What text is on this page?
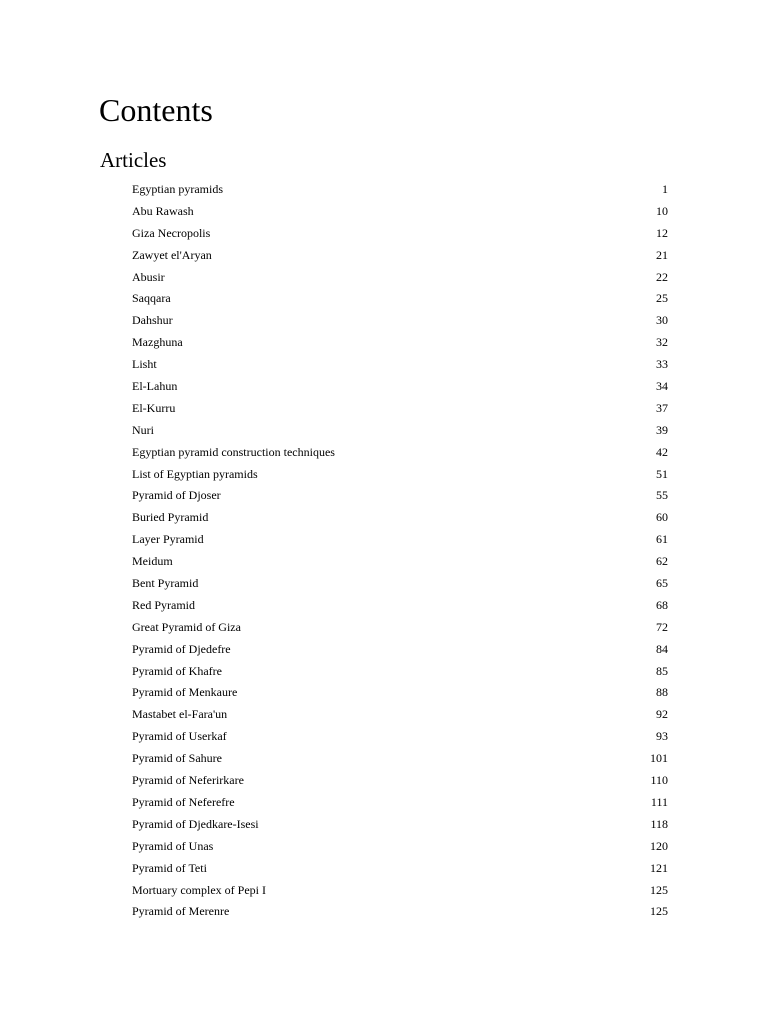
Contents
Articles
Egyptian pyramids	1
Abu Rawash	10
Giza Necropolis	12
Zawyet el'Aryan	21
Abusir	22
Saqqara	25
Dahshur	30
Mazghuna	32
Lisht	33
El-Lahun	34
El-Kurru	37
Nuri	39
Egyptian pyramid construction techniques	42
List of Egyptian pyramids	51
Pyramid of Djoser	55
Buried Pyramid	60
Layer Pyramid	61
Meidum	62
Bent Pyramid	65
Red Pyramid	68
Great Pyramid of Giza	72
Pyramid of Djedefre	84
Pyramid of Khafre	85
Pyramid of Menkaure	88
Mastabet el-Fara'un	92
Pyramid of Userkaf	93
Pyramid of Sahure	101
Pyramid of Neferirkare	110
Pyramid of Neferefre	111
Pyramid of Djedkare-Isesi	118
Pyramid of Unas	120
Pyramid of Teti	121
Mortuary complex of Pepi I	125
Pyramid of Merenre	125
